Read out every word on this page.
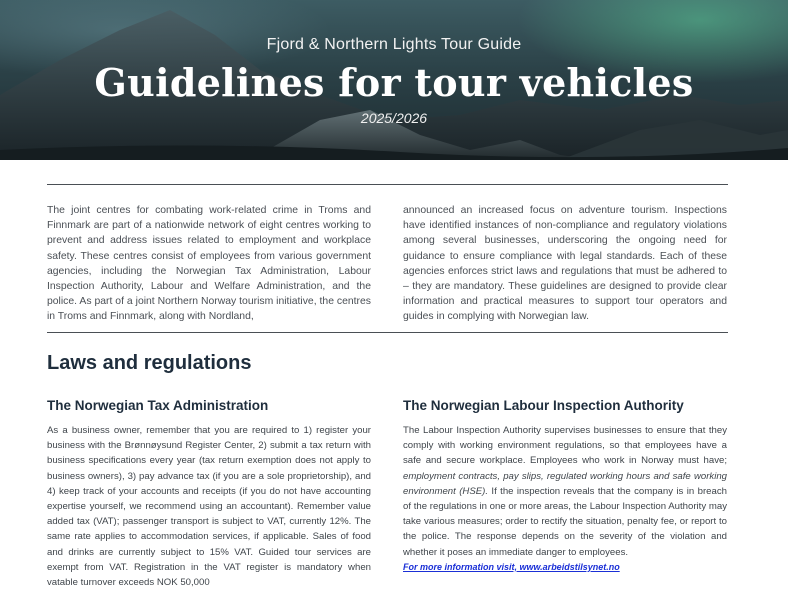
Fjord & Northern Lights Tour Guide
Guidelines for tour vehicles
2025/2026
The joint centres for combating work-related crime in Troms and Finnmark are part of a nationwide network of eight centres working to prevent and address issues related to employment and workplace safety. These centres consist of employees from various government agencies, including the Norwegian Tax Administration, Labour Inspection Authority, Labour and Welfare Administration, and the police. As part of a joint Northern Norway tourism initiative, the centres in Troms and Finnmark, along with Nordland,
announced an increased focus on adventure tourism. Inspections have identified instances of non-compliance and regulatory violations among several businesses, underscoring the ongoing need for guidance to ensure compliance with legal standards. Each of these agencies enforces strict laws and regulations that must be adhered to – they are mandatory. These guidelines are designed to provide clear information and practical measures to support tour operators and guides in complying with Norwegian law.
Laws and regulations
The Norwegian Tax Administration
As a business owner, remember that you are required to 1) register your business with the Brønnøysund Register Center, 2) submit a tax return with business specifications every year (tax return exemption does not apply to business owners), 3) pay advance tax (if you are a sole proprietorship), and 4) keep track of your accounts and receipts (if you do not have accounting expertise yourself, we recommend using an accountant). Remember value added tax (VAT); passenger transport is subject to VAT, currently 12%. The same rate applies to accommodation services, if applicable. Sales of food and drinks are currently subject to 15% VAT. Guided tour services are exempt from VAT. Registration in the VAT register is mandatory when vatable turnover exceeds NOK 50,000
The Norwegian Labour Inspection Authority
The Labour Inspection Authority supervises businesses to ensure that they comply with working environment regulations, so that employees have a safe and secure workplace. Employees who work in Norway must have; employment contracts, pay slips, regulated working hours and safe working environment (HSE). If the inspection reveals that the company is in breach of the regulations in one or more areas, the Labour Inspection Authority may take various measures; order to rectify the situation, penalty fee, or report to the police. The response depends on the severity of the violation and whether it poses an immediate danger to employees.
For more information visit, www.arbeidstilsynet.no
